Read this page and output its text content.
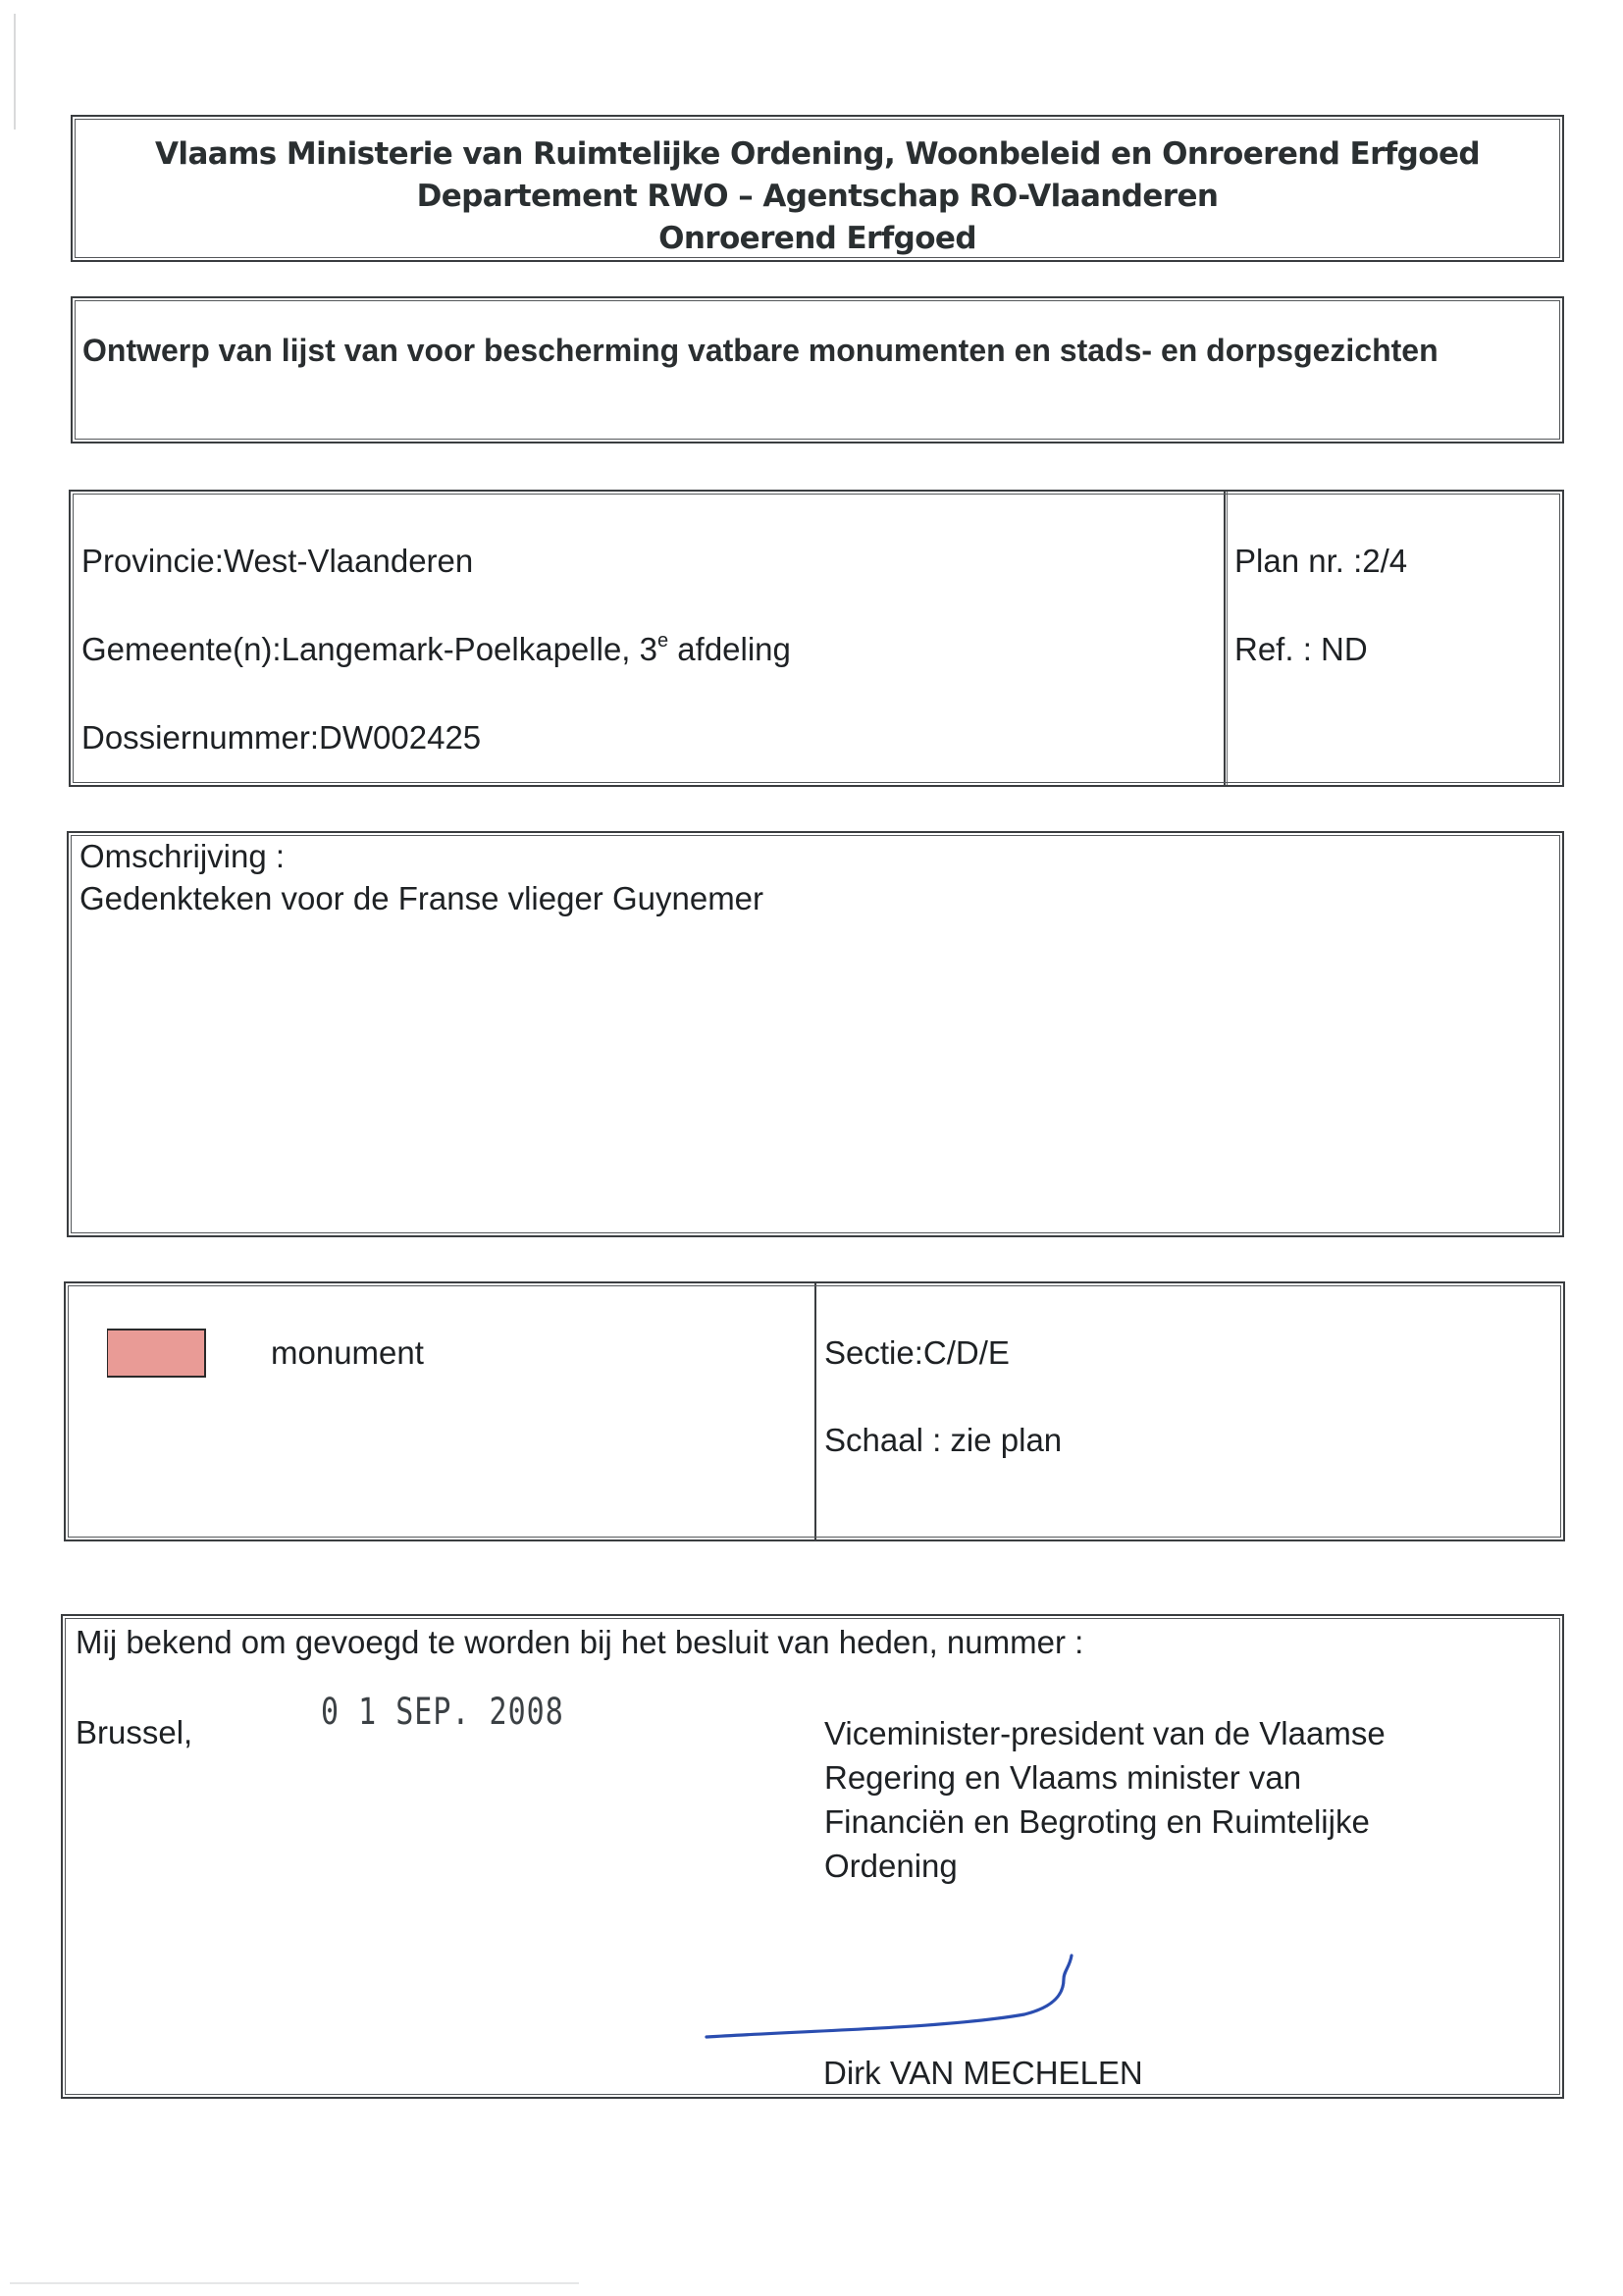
Vlaams Ministerie van Ruimtelijke Ordening, Woonbeleid en Onroerend Erfgoed
Departement RWO – Agentschap RO-Vlaanderen
Onroerend Erfgoed
Ontwerp van lijst van voor bescherming vatbare monumenten en stads- en dorpsgezichten
Provincie:West-Vlaanderen
Gemeente(n):Langemark-Poelkapelle, 3e afdeling
Dossiernummer:DW002425
Plan nr. :2/4
Ref. : ND
Omschrijving :
Gedenkteken voor de Franse vlieger Guynemer
monument	Sectie:C/D/E
Schaal : zie plan
Mij bekend om gevoegd te worden bij het besluit van heden, nummer :
Brussel,	0 1 SEP. 2008	Viceminister-president van de Vlaamse
Regering en Vlaams minister van
Financiën en Begroting en Ruimtelijke
Ordening
Dirk VAN MECHELEN
